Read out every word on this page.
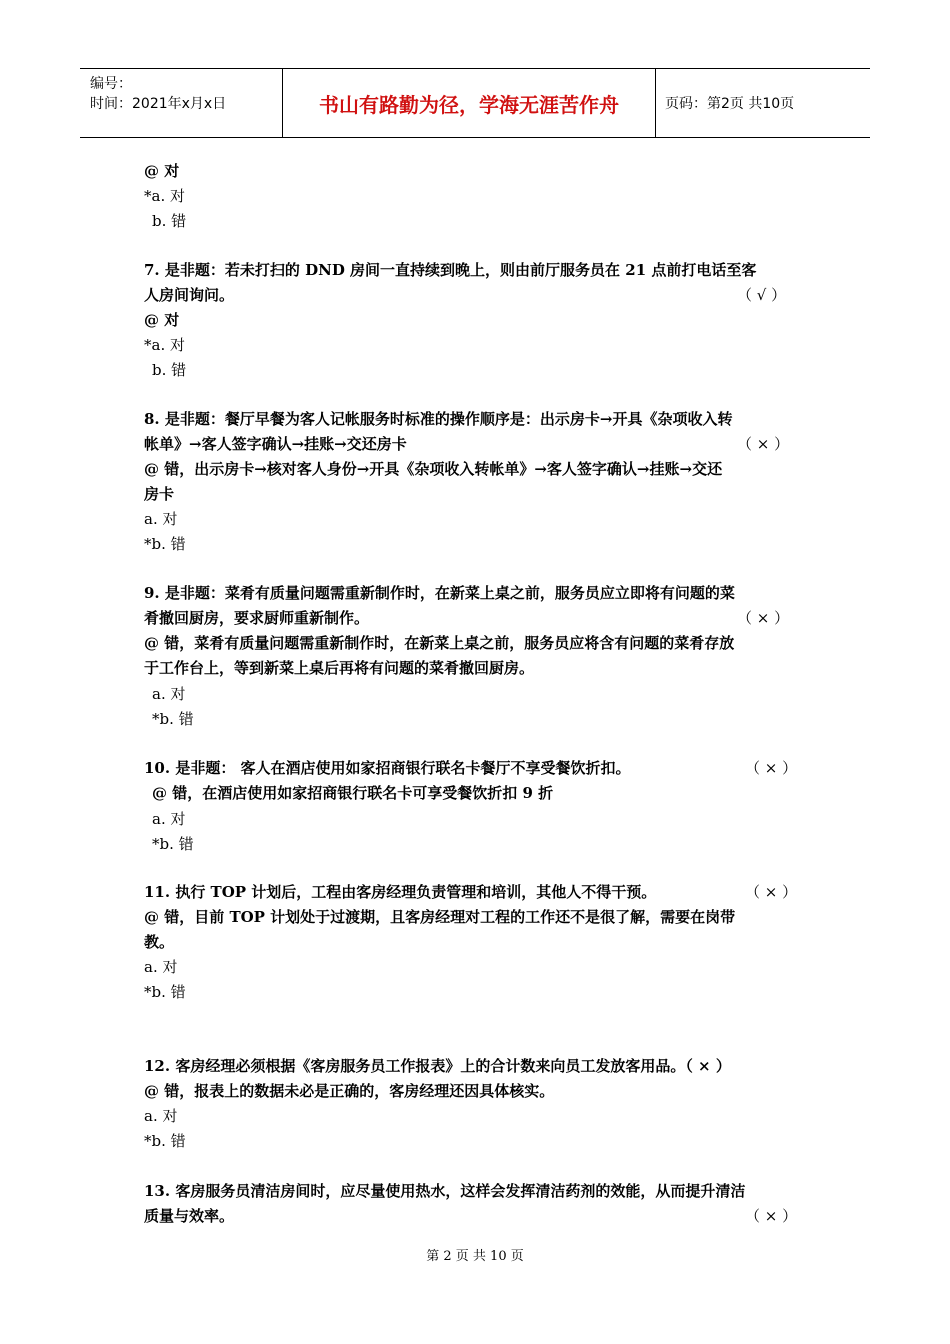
编号：
时间：2021年x月x日	书山有路勤为径，学海无涯苦作舟	页码：第2页 共10页
@ 对
*a. 对
b. 错
7. 是非题：若未打扫的 DND 房间一直持续到晚上，则由前厅服务员在 21 点前打电话至客
人房间询问。	（ √ ）
@ 对
*a. 对
b. 错
8. 是非题：餐厅早餐为客人记帐服务时标准的操作顺序是：出示房卡→开具《杂项收入转
帐单》→客人签字确认→挂账→交还房卡	（ × ）
@ 错，出示房卡→核对客人身份→开具《杂项收入转帐单》→客人签字确认→挂账→交还
房卡
a. 对
*b. 错
9. 是非题：菜肴有质量问题需重新制作时，在新菜上桌之前，服务员应立即将有问题的菜
肴撤回厨房，要求厨师重新制作。	（ × ）
@ 错，菜肴有质量问题需重新制作时，在新菜上桌之前，服务员应将含有问题的菜肴存放
于工作台上，等到新菜上桌后再将有问题的菜肴撤回厨房。
a. 对
*b. 错
10. 是非题： 客人在酒店使用如家招商银行联名卡餐厅不享受餐饮折扣。	（ × ）
@ 错，在酒店使用如家招商银行联名卡可享受餐饮折扣 9 折
a. 对
*b. 错
11. 执行 TOP 计划后，工程由客房经理负责管理和培训，其他人不得干预。	（ × ）
@ 错，目前 TOP 计划处于过渡期，且客房经理对工程的工作还不是很了解，需要在岗带
教。
a. 对
*b. 错
12. 客房经理必须根据《客房服务员工作报表》上的合计数来向员工发放客用品。（ × ）
@ 错，报表上的数据未必是正确的，客房经理还因具体核实。
a. 对
*b. 错
13. 客房服务员清洁房间时，应尽量使用热水，这样会发挥清洁药剂的效能，从而提升清洁
质量与效率。	（ × ）
第 2 页 共 10 页
